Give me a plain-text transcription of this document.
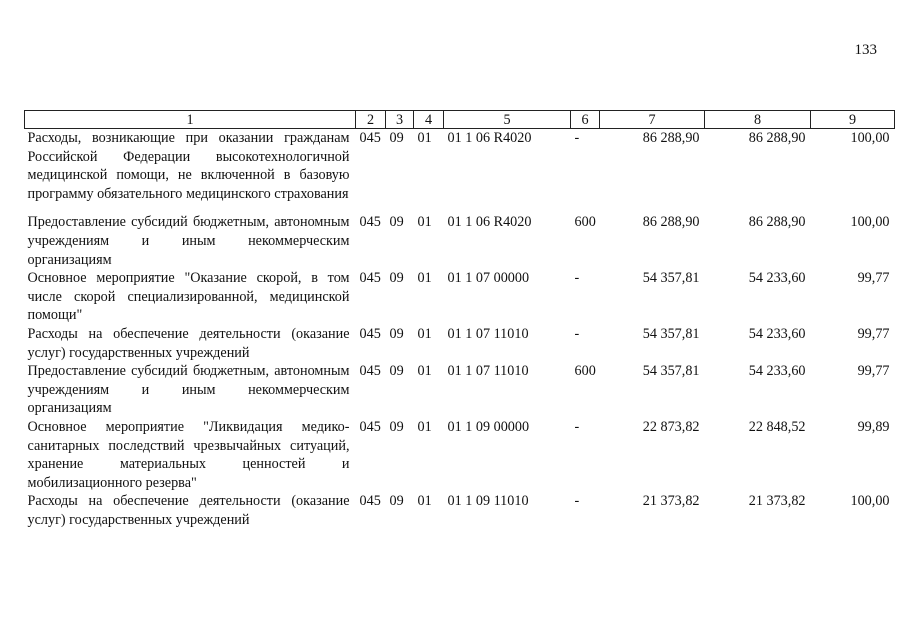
133
1	2	3	4	5	6	7	8	9
Расходы, возникающие при оказании гражданам Российской Федерации высокотехнологичной медицинской помощи, не включенной в базовую программу обязательного медицинского страхования	045	09	01	01 1 06 R4020	-	86 288,90	86 288,90	100,00
Предоставление субсидий бюджетным, автономным учреждениям и иным некоммерческим организациям	045	09	01	01 1 06 R4020	600	86 288,90	86 288,90	100,00
Основное мероприятие "Оказание скорой, в том числе скорой специализированной, медицинской помощи"	045	09	01	01 1 07 00000	-	54 357,81	54 233,60	99,77
Расходы на обеспечение деятельности (оказание услуг) государственных учреждений	045	09	01	01 1 07 11010	-	54 357,81	54 233,60	99,77
Предоставление субсидий бюджетным, автономным учреждениям и иным некоммерческим организациям	045	09	01	01 1 07 11010	600	54 357,81	54 233,60	99,77
Основное мероприятие "Ликвидация медико-санитарных последствий чрезвычайных ситуаций, хранение материальных ценностей и мобилизационного резерва"	045	09	01	01 1 09 00000	-	22 873,82	22 848,52	99,89
Расходы на обеспечение деятельности (оказание услуг) государственных учреждений	045	09	01	01 1 09 11010	-	21 373,82	21 373,82	100,00
